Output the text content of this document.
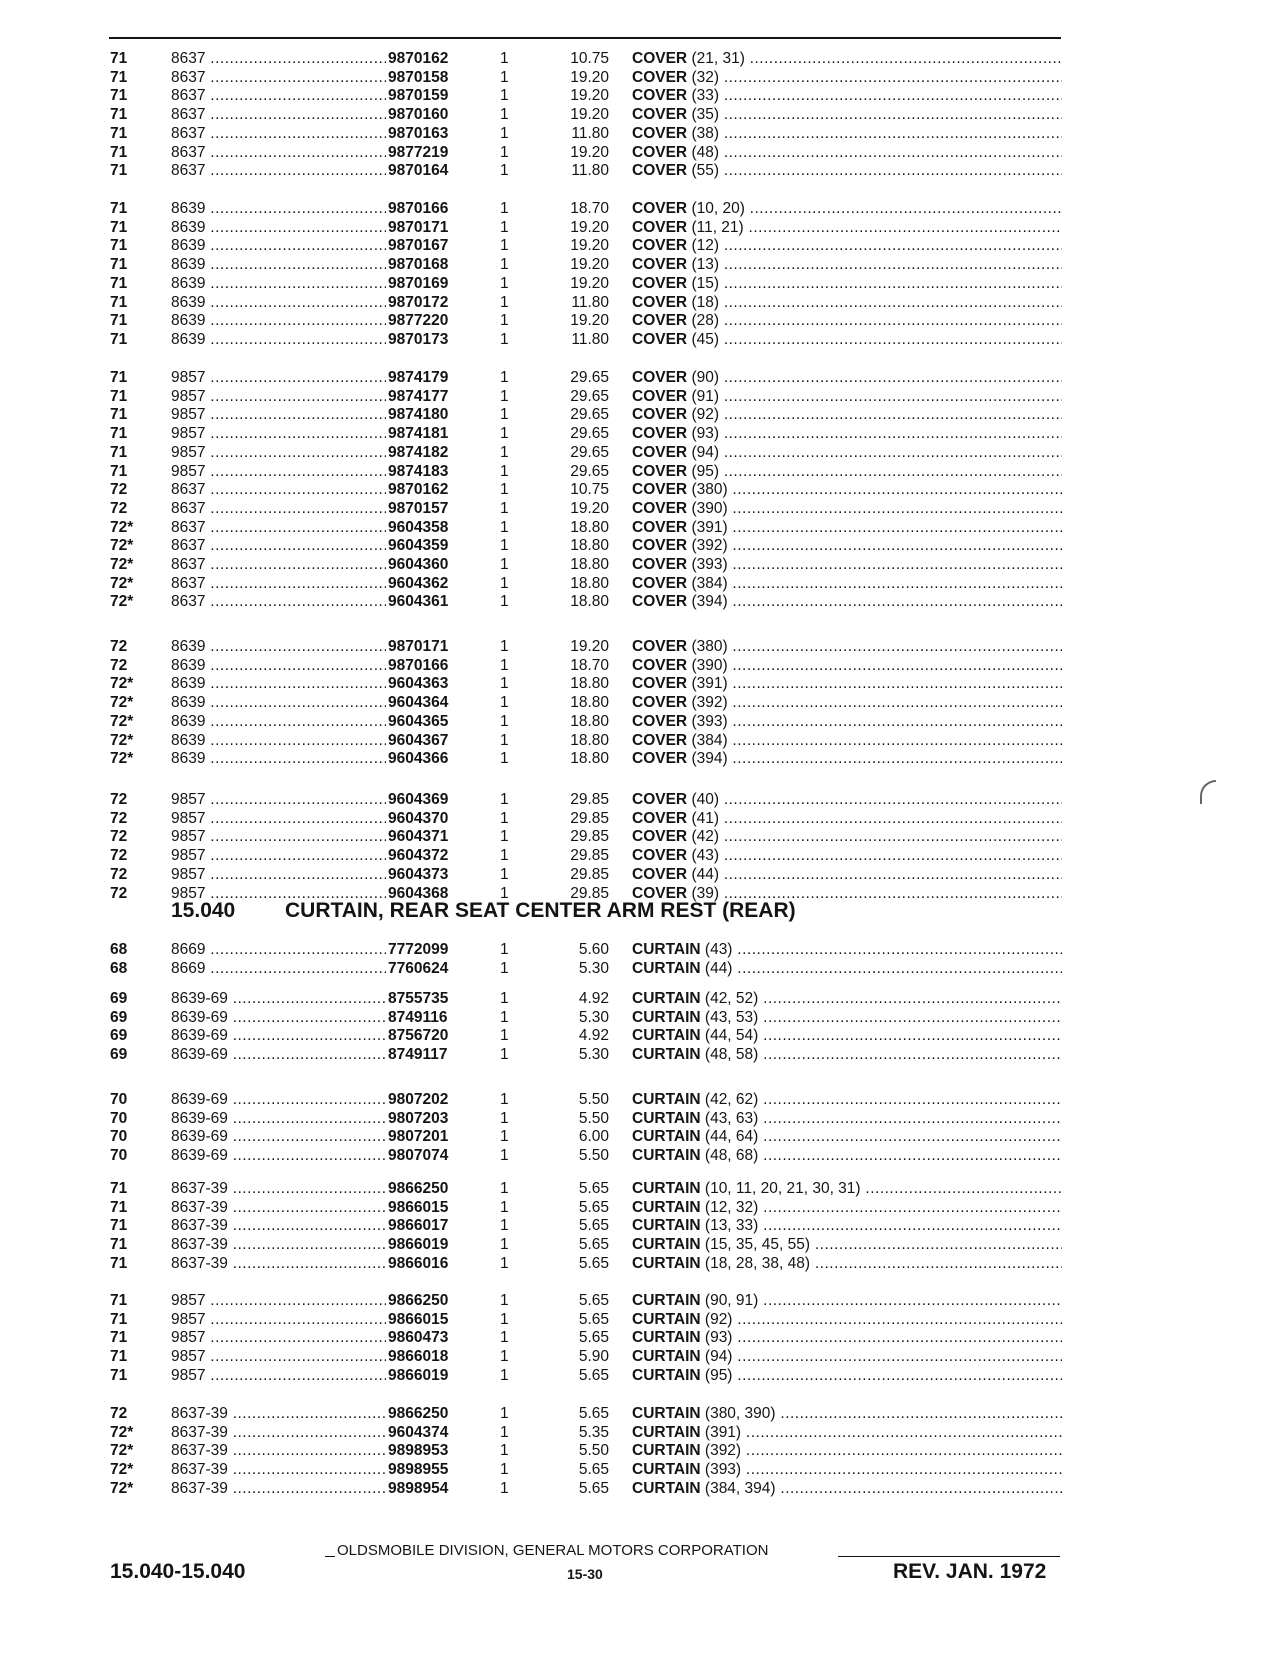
71	8637 .....	9870162	1	10.75 COVER (21, 31) .....
71	8637 .....	9870158	1	19.20 COVER (32) .....
71	8637 .....	9870159	1	19.20 COVER (33) .....
71	8637 .....	9870160	1	19.20 COVER (35) .....
71	8637 .....	9870163	1	11.80 COVER (38) .....
71	8637 .....	9877219	1	19.20 COVER (48) .....
71	8637 .....	9870164	1	11.80 COVER (55) .....
71	8639 .....	9870166	1	18.70 COVER (10, 20) .....
71	8639 .....	9870171	1	19.20 COVER (11, 21) .....
71	8639 .....	9870167	1	19.20 COVER (12) .....
71	8639 .....	9870168	1	19.20 COVER (13) .....
71	8639 .....	9870169	1	19.20 COVER (15) .....
71	8639 .....	9870172	1	11.80 COVER (18) .....
71	8639 .....	9877220	1	19.20 COVER (28) .....
71	8639 .....	9870173	1	11.80 COVER (45) .....
71	9857 .....	9874179	1	29.65 COVER (90) .....
71	9857 .....	9874177	1	29.65 COVER (91) .....
71	9857 .....	9874180	1	29.65 COVER (92) .....
71	9857 .....	9874181	1	29.65 COVER (93) .....
71	9857 .....	9874182	1	29.65 COVER (94) .....
71	9857 .....	9874183	1	29.65 COVER (95) .....
72	8637 .....	9870162	1	10.75 COVER (380) .....
72	8637 .....	9870157	1	19.20 COVER (390) .....
72* 8637 .....	9604358	1	18.80 COVER (391) .....
72* 8637 .....	9604359	1	18.80 COVER (392) .....
72* 8637 .....	9604360	1	18.80 COVER (393) .....
72* 8637 .....	9604362	1	18.80 COVER (384) .....
72* 8637 .....	9604361	1	18.80 COVER (394) .....
72	8639 .....	9870171	1	19.20 COVER (380) .....
72	8639 .....	9870166	1	18.70 COVER (390) .....
72* 8639 .....	9604363	1	18.80 COVER (391) .....
72* 8639 .....	9604364	1	18.80 COVER (392) .....
72* 8639 .....	9604365	1	18.80 COVER (393) .....
72* 8639 .....	9604367	1	18.80 COVER (384) .....
72* 8639 .....	9604366	1	18.80 COVER (394) .....
72	9857 .....	9604369	1	29.85 COVER (40) .....
72	9857 .....	9604370	1	29.85 COVER (41) .....
72	9857 .....	9604371	1	29.85 COVER (42) .....
72	9857 .....	9604372	1	29.85 COVER (43) .....
72	9857 .....	9604373	1	29.85 COVER (44) .....
72	9857 .....	9604368	1	29.85 COVER (39) .....
68	8669 .....	7772099	1	5.60 CURTAIN (43) .....
68	8669 .....	7760624	1	5.30 CURTAIN (44) .....
69	8639-69 .....	8755735	1	4.92 CURTAIN (42, 52) .....
69	8639-69 .....	8749116	1	5.30 CURTAIN (43, 53) .....
69	8639-69 .....	8756720	1	4.92 CURTAIN (44, 54) .....
69	8639-69 .....	8749117	1	5.30 CURTAIN (48, 58) .....
70	8639-69 .....	9807202	1	5.50 CURTAIN (42, 62) .....
70	8639-69 .....	9807203	1	5.50 CURTAIN (43, 63) .....
70	8639-69 .....	9807201	1	6.00 CURTAIN (44, 64) .....
70	8639-69 .....	9807074	1	5.50 CURTAIN (48, 68) .....
71	8637-39 .....	9866250	1	5.65 CURTAIN (10, 11, 20, 21, 30, 31) .....
71	8637-39 .....	9866015	1	5.65 CURTAIN (12, 32) .....
71	8637-39 .....	9866017	1	5.65 CURTAIN (13, 33) .....
71	8637-39 .....	9866019	1	5.65 CURTAIN (15, 35, 45, 55) .....
71	8637-39 .....	9866016	1	5.65 CURTAIN (18, 28, 38, 48) .....
71	9857 .....	9866250	1	5.65 CURTAIN (90, 91) .....
71	9857 .....	9866015	1	5.65 CURTAIN (92) .....
71	9857 .....	9860473	1	5.65 CURTAIN (93) .....
71	9857 .....	9866018	1	5.90 CURTAIN (94) .....
71	9857 .....	9866019	1	5.65 CURTAIN (95) .....
72	8637-39 .....	9866250	1	5.65 CURTAIN (380, 390) .....
72* 8637-39 .....	9604374	1	5.35 CURTAIN (391) .....
72* 8637-39 .....	9898953	1	5.50 CURTAIN (392) .....
72* 8637-39 .....	9898955	1	5.65 CURTAIN (393) .....
72* 8637-39 .....	9898954	1	5.65 CURTAIN (384, 394) .....
15.040 CURTAIN, REAR SEAT CENTER ARM REST (REAR)
OLDSMOBILE DIVISION, GENERAL MOTORS CORPORATION
15.040-15.040	15-30	REV. JAN. 1972
